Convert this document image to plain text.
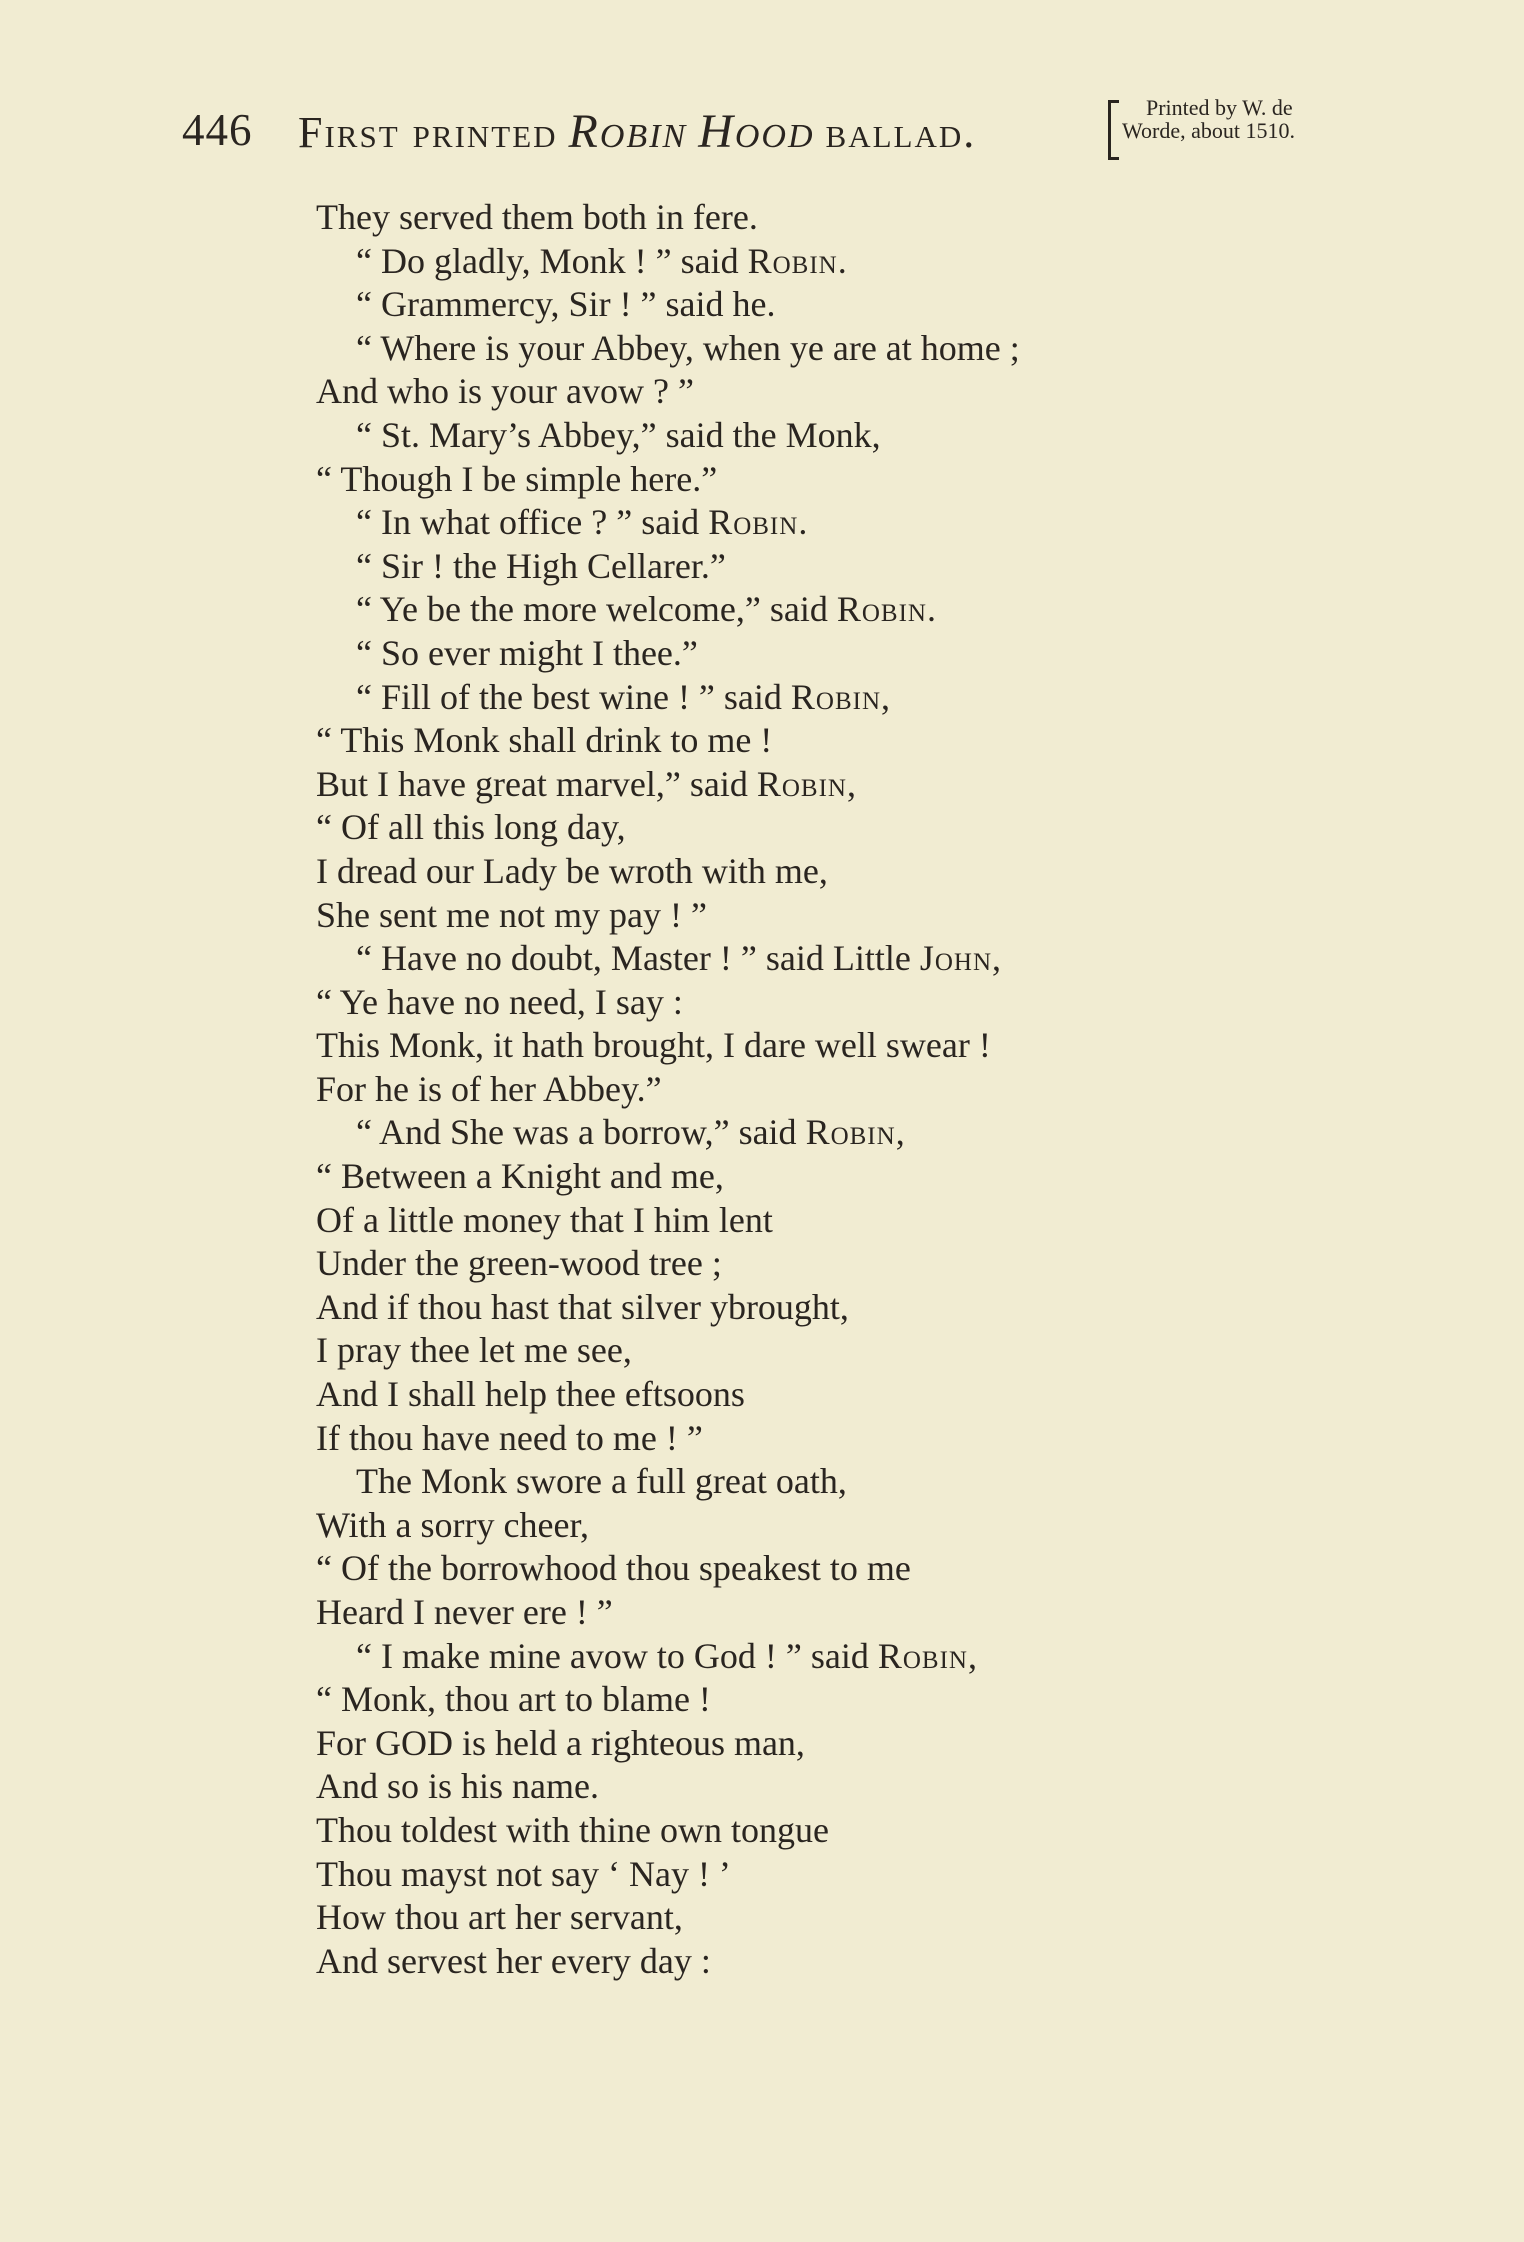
446 First printed Robin Hood ballad.
Printed by W. de
Worde, about 1510.
They served them both in fere.
“ Do gladly, Monk ! ” said Robin.
“ Grammercy, Sir ! ” said he.
“ Where is your Abbey, when ye are at home ;
And who is your avow ? ”
“ St. Mary’s Abbey,” said the Monk,
“ Though I be simple here.”
“ In what office ? ” said Robin.
“ Sir ! the High Cellarer.”
“ Ye be the more welcome,” said Robin.
“ So ever might I thee.”
“ Fill of the best wine ! ” said Robin,
“ This Monk shall drink to me !
But I have great marvel,” said Robin,
“ Of all this long day,
I dread our Lady be wroth with me,
She sent me not my pay ! ”
“ Have no doubt, Master ! ” said Little John,
“ Ye have no need, I say :
This Monk, it hath brought, I dare well swear !
For he is of her Abbey.”
“ And She was a borrow,” said Robin,
“ Between a Knight and me,
Of a little money that I him lent
Under the green-wood tree ;
And if thou hast that silver ybrought,
I pray thee let me see,
And I shall help thee eftsoons
If thou have need to me ! ”
The Monk swore a full great oath,
With a sorry cheer,
“ Of the borrowhood thou speakest to me
Heard I never ere ! ”
“ I make mine avow to God ! ” said Robin,
“ Monk, thou art to blame !
For GOD is held a righteous man,
And so is his name.
Thou toldest with thine own tongue
Thou mayst not say ‘ Nay ! ’
How thou art her servant,
And servest her every day :
